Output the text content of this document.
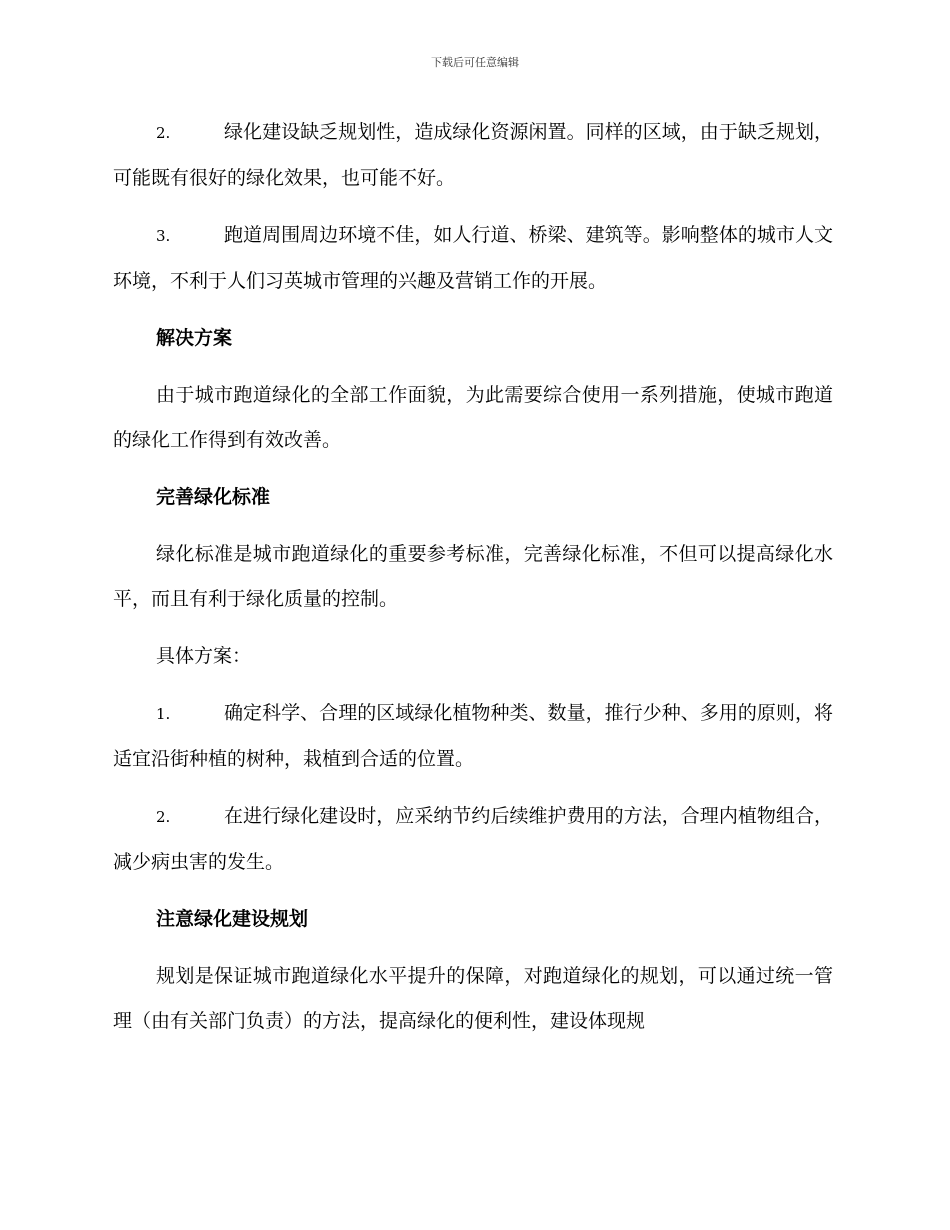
下载后可任意编辑

2.	绿化建设缺乏规划性，造成绿化资源闲置。同样的区域，由于缺乏规划，可能既有很好的绿化效果，也可能不好。

3.	跑道周围周边环境不佳，如人行道、桥梁、建筑等。影响整体的城市人文环境，不利于人们习英城市管理的兴趣及营销工作的开展。

解决方案

由于城市跑道绿化的全部工作面貌，为此需要综合使用一系列措施，使城市跑道的绿化工作得到有效改善。

完善绿化标准

绿化标准是城市跑道绿化的重要参考标准，完善绿化标准，不但可以提高绿化水平，而且有利于绿化质量的控制。

具体方案：

1.	确定科学、合理的区域绿化植物种类、数量，推行少种、多用的原则，将适宜沿街种植的树种，栽植到合适的位置。

2.	在进行绿化建设时，应采纳节约后续维护费用的方法，合理内植物组合，减少病虫害的发生。

注意绿化建设规划

规划是保证城市跑道绿化水平提升的保障，对跑道绿化的规划，可以通过统一管理（由有关部门负责）的方法，提高绿化的便利性，建设体现规
